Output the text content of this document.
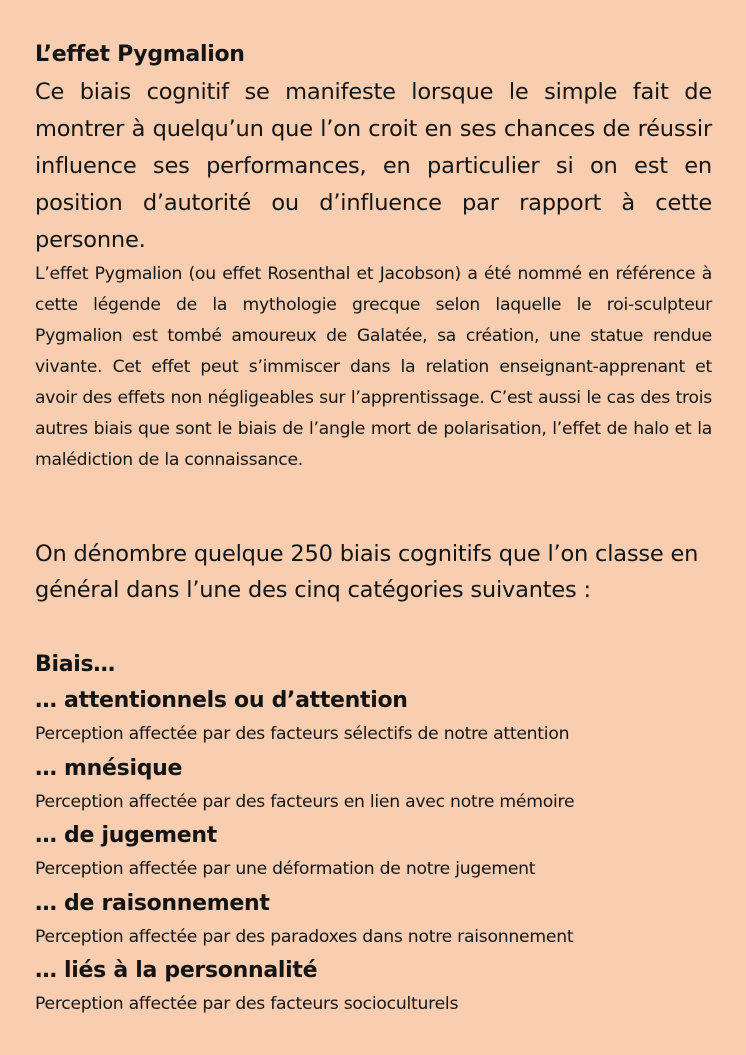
L’effet Pygmalion

Ce biais cognitif se manifeste lorsque le simple fait de montrer à quelqu’un que l’on croit en ses chances de réussir influence ses performances, en particulier si on est en position d’autorité ou d’influence par rapport à cette personne.

L’effet Pygmalion (ou effet Rosenthal et Jacobson) a été nommé en référence à cette légende de la mythologie grecque selon laquelle le roi-sculpteur Pygmalion est tombé amoureux de Galatée, sa création, une statue rendue vivante. Cet effet peut s’immiscer dans la relation enseignant-apprenant et avoir des effets non négligeables sur l’apprentissage. C’est aussi le cas des trois autres biais que sont le biais de l’angle mort de polarisation, l’effet de halo et la malédiction de la connaissance.

On dénombre quelque 250 biais cognitifs que l’on classe en général dans l’une des cinq catégories suivantes :

Biais…
… attentionnels ou d’attention

Perception affectée par des facteurs sélectifs de notre attention

… mnésique

Perception affectée par des facteurs en lien avec notre mémoire

… de jugement

Perception affectée par une déformation de notre jugement

… de raisonnement

Perception affectée par des paradoxes dans notre raisonnement

… liés à la personnalité

Perception affectée par des facteurs socioculturels
